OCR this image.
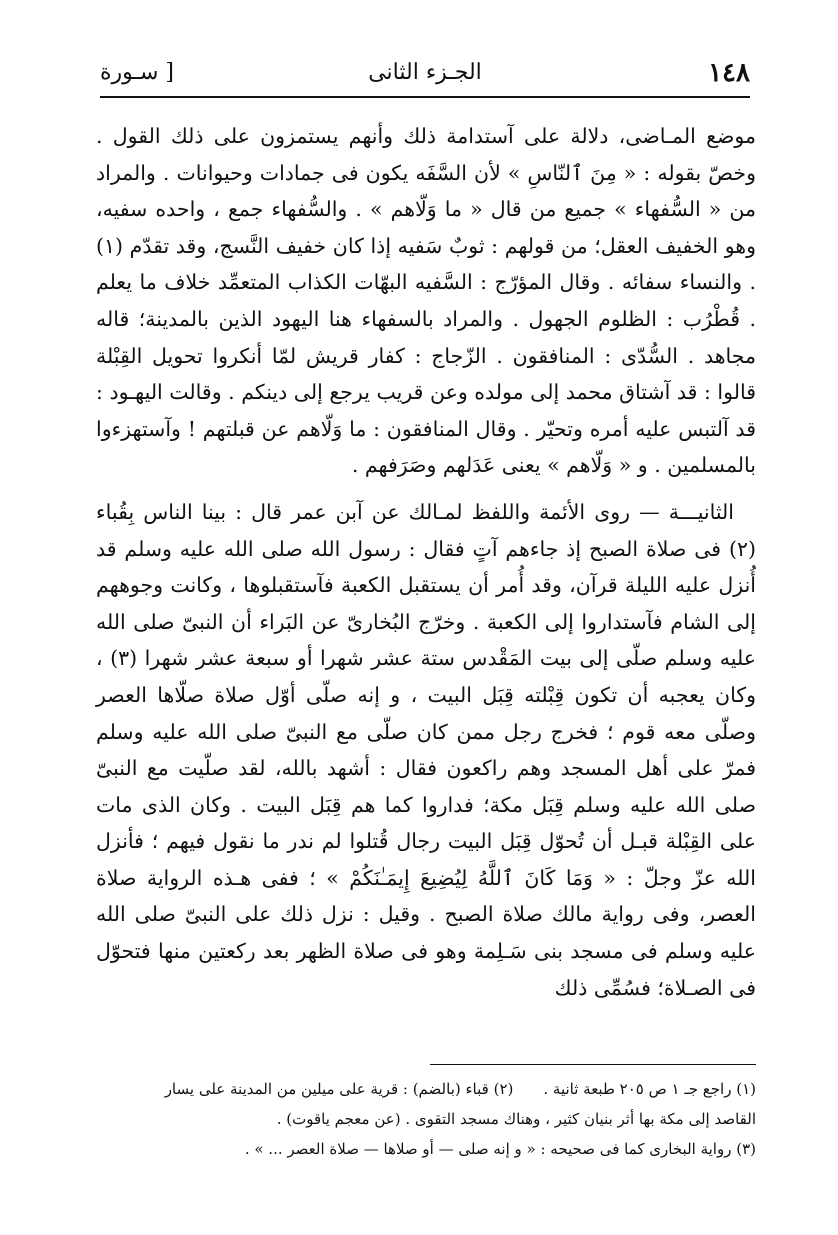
١٤٨
الجـزء الثانى
[ سـورة

موضع المـاضى، دلالة على آستدامة ذلك وأنهم يستمزون على ذلك القول . وخصّ بقوله : « مِنَ ٱلنّاسِ » لأن السَّفَه يكون فى جمادات وحيوانات . والمراد من « السُّفهاء » جميع من قال « ما وَلّاهم » . والسُّفهاء جمع ، واحده سفيه، وهو الخفيف العقل؛ من قولهم : ثوبٌ سَفيه إذا كان خفيف النَّسج، وقد تقدّم (١) . والنساء سفائه . وقال المؤرّج : السَّفيه البهّات الكذاب المتعمِّد خلاف ما يعلم . قُطْرُب : الظلوم الجهول . والمراد بالسفهاء هنا اليهود الذين بالمدينة؛ قاله مجاهد . السُّدّى : المنافقون . الزّجاج : كفار قريش لمّا أنكروا تحويل القِبْلة قالوا : قد آشتاق محمد إلى مولده وعن قريب يرجع إلى دينكم . وقالت اليهـود : قد آلتبس عليه أمره وتحيّر . وقال المنافقون : ما وَلّاهم عن قبلتهم ! وآستهزءوا بالمسلمين . و « وَلّاهم » يعنى عَدَلهم وصَرَفهم .

الثانيـــة — روى الأئمة واللفظ لمـالك عن آبن عمر قال : بينا الناس بِقُباء (٢) فى صلاة الصبح إذ جاءهم آتٍ فقال : رسول الله صلى الله عليه وسلم قد أُنزل عليه الليلة قرآن، وقد أُمر أن يستقبل الكعبة فآستقبلوها ، وكانت وجوههم إلى الشام فآستداروا إلى الكعبة . وخرّج البُخارىّ عن البَراء أن النبىّ صلى الله عليه وسلم صلّى إلى بيت المَقْدس ستة عشر شهرا أو سبعة عشر شهرا (٣) ، وكان يعجبه أن تكون قِبْلته قِبَل البيت ، و إنه صلّى أوّل صلاة صلّاها العصر وصلّى معه قوم ؛ فخرج رجل ممن كان صلّى مع النبىّ صلى الله عليه وسلم فمرّ على أهل المسجد وهم راكعون فقال : أشهد بالله، لقد صلّيت مع النبىّ صلى الله عليه وسلم قِبَل مكة؛ فداروا كما هم قِبَل البيت . وكان الذى مات على القِبْلة قبـل أن تُحوّل قِبَل البيت رجال قُتلوا لم ندر ما نقول فيهم ؛ فأنزل الله عزّ وجلّ : « وَمَا كَانَ ٱللَّهُ لِيُضِيعَ إِيمَـٰنَكُمْ » ؛ ففى هـذه الرواية صلاة العصر، وفى رواية مالك صلاة الصبح . وقيل : نزل ذلك على النبىّ صلى الله عليه وسلم فى مسجد بنى سَـلِمة وهو فى صلاة الظهر بعد ركعتين منها فتحوّل فى الصـلاة؛ فسُمِّى ذلك

(١) راجع جـ ١ ص ٢٠٥ طبعة ثانية .(٢) قباء (بالضم) : قرية على ميلين من المدينة على يسار
القاصد إلى مكة بها أثر بنيان كثير ، وهناك مسجد التقوى . (عن معجم ياقوت) .
(٣) رواية البخارى كما فى صحيحه : « و إنه صلى — أو صلاها — صلاة العصر ... » .
